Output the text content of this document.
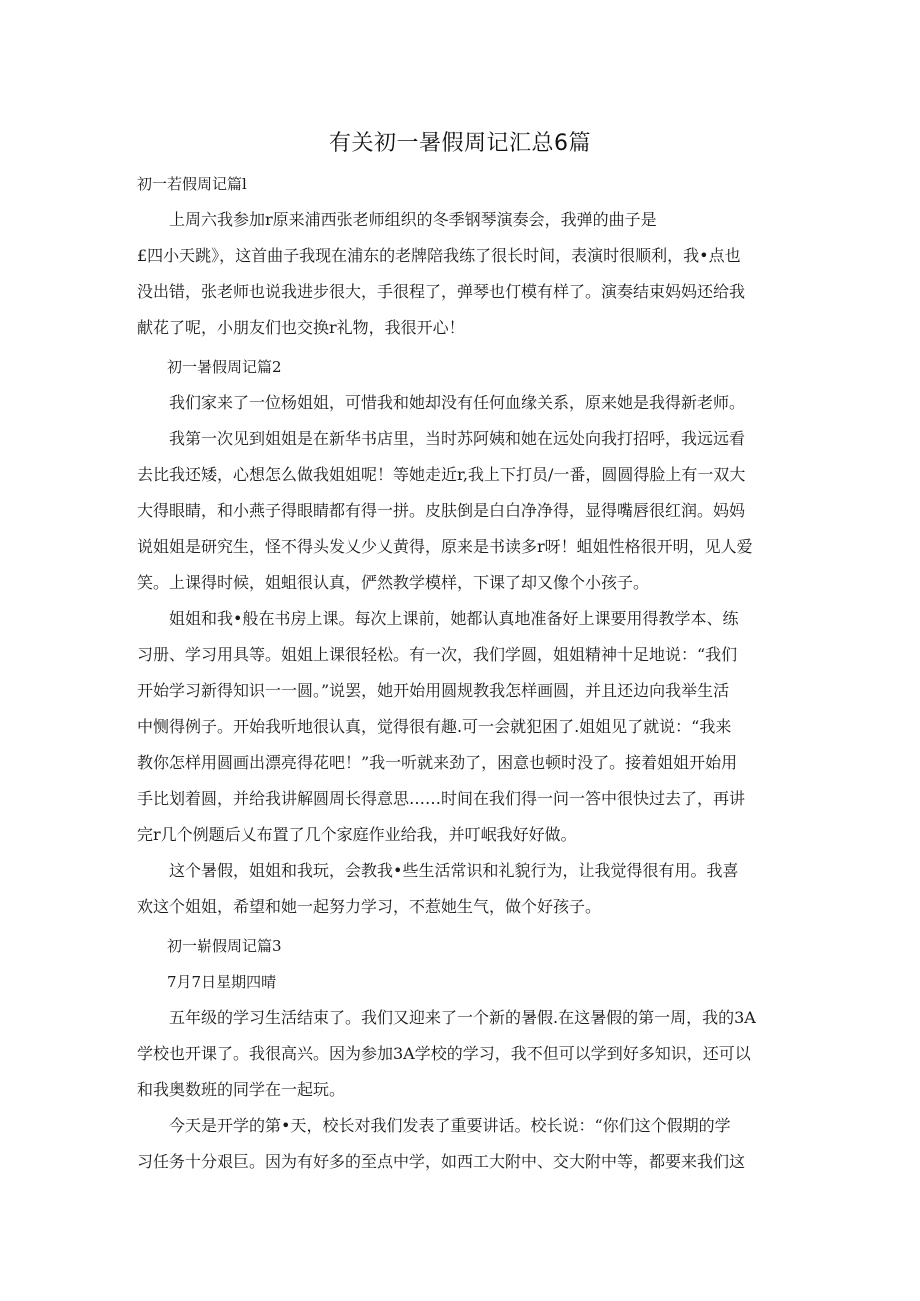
有关初一暑假周记汇总6篇
初一若假周记篇l
　　上周六我参加r原来浦西张老师组织的冬季钢琴演奏会，我弹的曲子是
£四小天跳》，这首曲子我现在浦东的老牌陪我练了很长时间，表演时很顺利，我•点也
没出错，张老师也说我进步很大，手很程了，弹琴也仃模有样了。演奏结束妈妈还给我
献花了呢，小朋友们也交换r礼物，我很开心！
　　初一暑假周记篇2
　　我们家来了一位杨姐姐，可惜我和她却没有任何血缘关系，原来她是我得新老师。
　　我第一次见到姐姐是在新华书店里，当时苏阿姨和她在远处向我打招呼，我远远看
去比我还矮，心想怎么做我姐姐呢！等她走近r,我上下打员/一番，圆圆得脸上有一双大
大得眼睛，和小燕子得眼睛都有得一拼。皮肤倒是白白净净得，显得嘴唇很红润。妈妈
说姐姐是研究生，怪不得头发乂少乂黄得，原来是书读多r呀！蛆姐性格很开明，见人爱
笑。上课得时候，姐蛆很认真，俨然教学模样，下课了却又像个小孩子。
　　姐姐和我•般在书房上课。每次上课前，她都认真地准备好上课要用得教学本、练
习册、学习用具等。姐姐上课很轻松。有一次，我们学圆，姐姐精神十足地说：“我们
开始学习新得知识一一圆。”说罢，她开始用圆规教我怎样画圆，并且还边向我举生活
中恻得例子。开始我听地很认真，觉得很有趣.可一会就犯困了.姐姐见了就说：“我来
教你怎样用圆画出漂亮得花吧！”我一听就来劲了，困意也顿时没了。接着姐姐开始用
手比划着圆，并给我讲解圆周长得意思……时间在我们得一问一答中很快过去了，再讲
完r几个例题后乂布置了几个家庭作业给我，并叮岷我好好做。
　　这个暑假，姐姐和我玩，会教我•些生活常识和礼貌行为，让我觉得很有用。我喜
欢这个姐姐，希望和她一起努力学习，不惹她生气，做个好孩子。
　　初一崭假周记篇3
　　7月7日星期四晴
　　五年级的学习生活结束了。我们又迎来了一个新的暑假.在这暑假的第一周，我的3A
学校也开课了。我很高兴。因为参加3A学校的学习，我不但可以学到好多知识，还可以
和我奥数班的同学在一起玩。
　　今天是开学的第•天，校长对我们发表了重要讲话。校长说：“你们这个假期的学
习任务十分艰巨。因为有好多的至点中学，如西工大附中、交大附中等，都要来我们这
